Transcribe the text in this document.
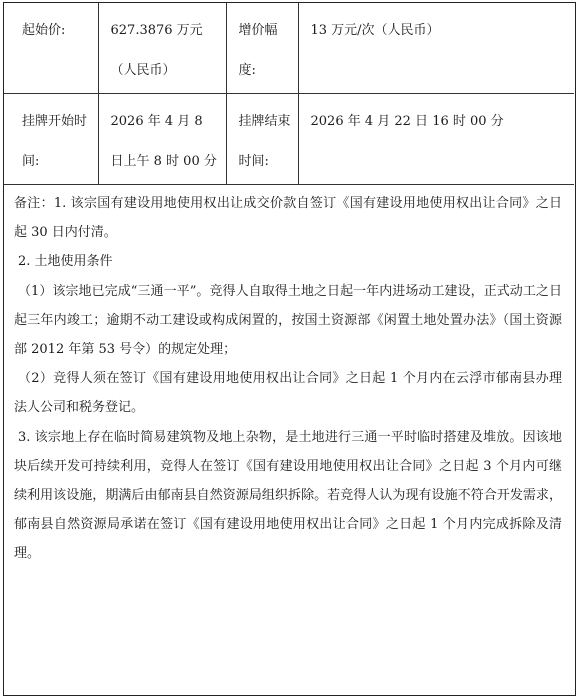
起始价:	627.3876 万元（人民币）	增价幅度:	13 万元/次（人民币）

挂牌开始时间:	2026 年 4 月 8 日上午 8 时 00 分	挂牌结束时间:	2026 年 4 月 22 日 16 时 00 分

备注：1. 该宗国有建设用地使用权出让成交价款自签订《国有建设用地使用权出让合同》之日起 30 日内付清。

2. 土地使用条件

（1）该宗地已完成“三通一平”。竞得人自取得土地之日起一年内进场动工建设，正式动工之日起三年内竣工；逾期不动工建设或构成闲置的，按国土资源部《闲置土地处置办法》（国土资源部 2012 年第 53 号令）的规定处理；

（2）竞得人须在签订《国有建设用地使用权出让合同》之日起 1 个月内在云浮市郁南县办理法人公司和税务登记。

3. 该宗地上存在临时简易建筑物及地上杂物，是土地进行三通一平时临时搭建及堆放。因该地块后续开发可持续利用，竞得人在签订《国有建设用地使用权出让合同》之日起 3 个月内可继续利用该设施，期满后由郁南县自然资源局组织拆除。若竞得人认为现有设施不符合开发需求，郁南县自然资源局承诺在签订《国有建设用地使用权出让合同》之日起 1 个月内完成拆除及清理。
